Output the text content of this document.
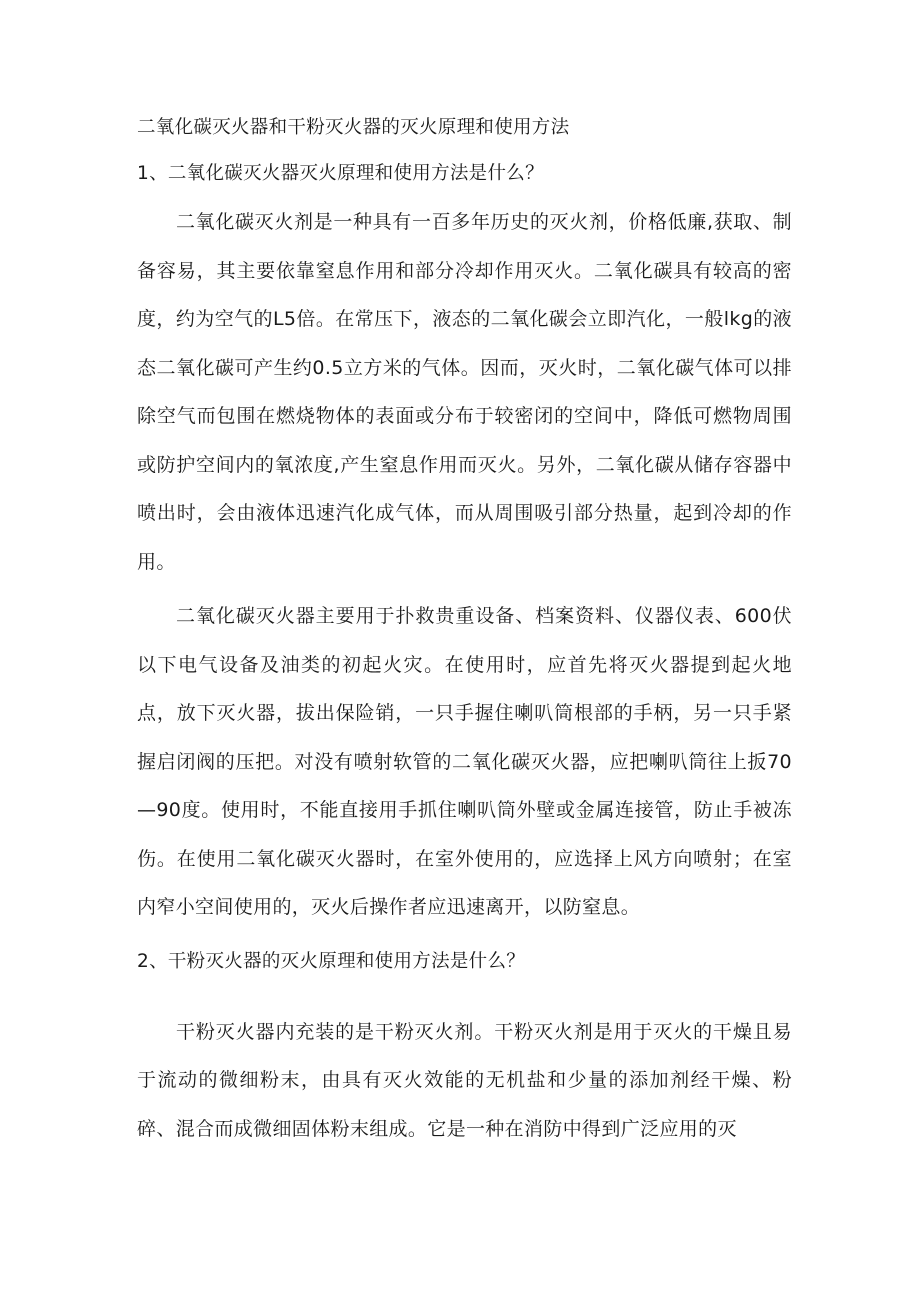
二氧化碳灭火器和干粉灭火器的灭火原理和使用方法
1、二氧化碳灭火器灭火原理和使用方法是什么？

二氧化碳灭火剂是一种具有一百多年历史的灭火剂，价格低廉,获取、制备容易，其主要依靠窒息作用和部分冷却作用灭火。二氧化碳具有较高的密度，约为空气的L5倍。在常压下，液态的二氧化碳会立即汽化，一般lkg的液态二氧化碳可产生约0.5立方米的气体。因而，灭火时，二氧化碳气体可以排除空气而包围在燃烧物体的表面或分布于较密闭的空间中，降低可燃物周围或防护空间内的氧浓度,产生窒息作用而灭火。另外，二氧化碳从储存容器中喷出时，会由液体迅速汽化成气体，而从周围吸引部分热量，起到冷却的作用。

二氧化碳灭火器主要用于扑救贵重设备、档案资料、仪器仪表、600伏以下电气设备及油类的初起火灾。在使用时，应首先将灭火器提到起火地点，放下灭火器，拔出保险销，一只手握住喇叭筒根部的手柄，另一只手紧握启闭阀的压把。对没有喷射软管的二氧化碳灭火器，应把喇叭筒往上扳70—90度。使用时，不能直接用手抓住喇叭筒外壁或金属连接管，防止手被冻伤。在使用二氧化碳灭火器时，在室外使用的，应选择上风方向喷射；在室内窄小空间使用的，灭火后操作者应迅速离开，以防窒息。

2、干粉灭火器的灭火原理和使用方法是什么？

干粉灭火器内充装的是干粉灭火剂。干粉灭火剂是用于灭火的干燥且易于流动的微细粉末，由具有灭火效能的无机盐和少量的添加剂经干燥、粉碎、混合而成微细固体粉末组成。它是一种在消防中得到广泛应用的灭
